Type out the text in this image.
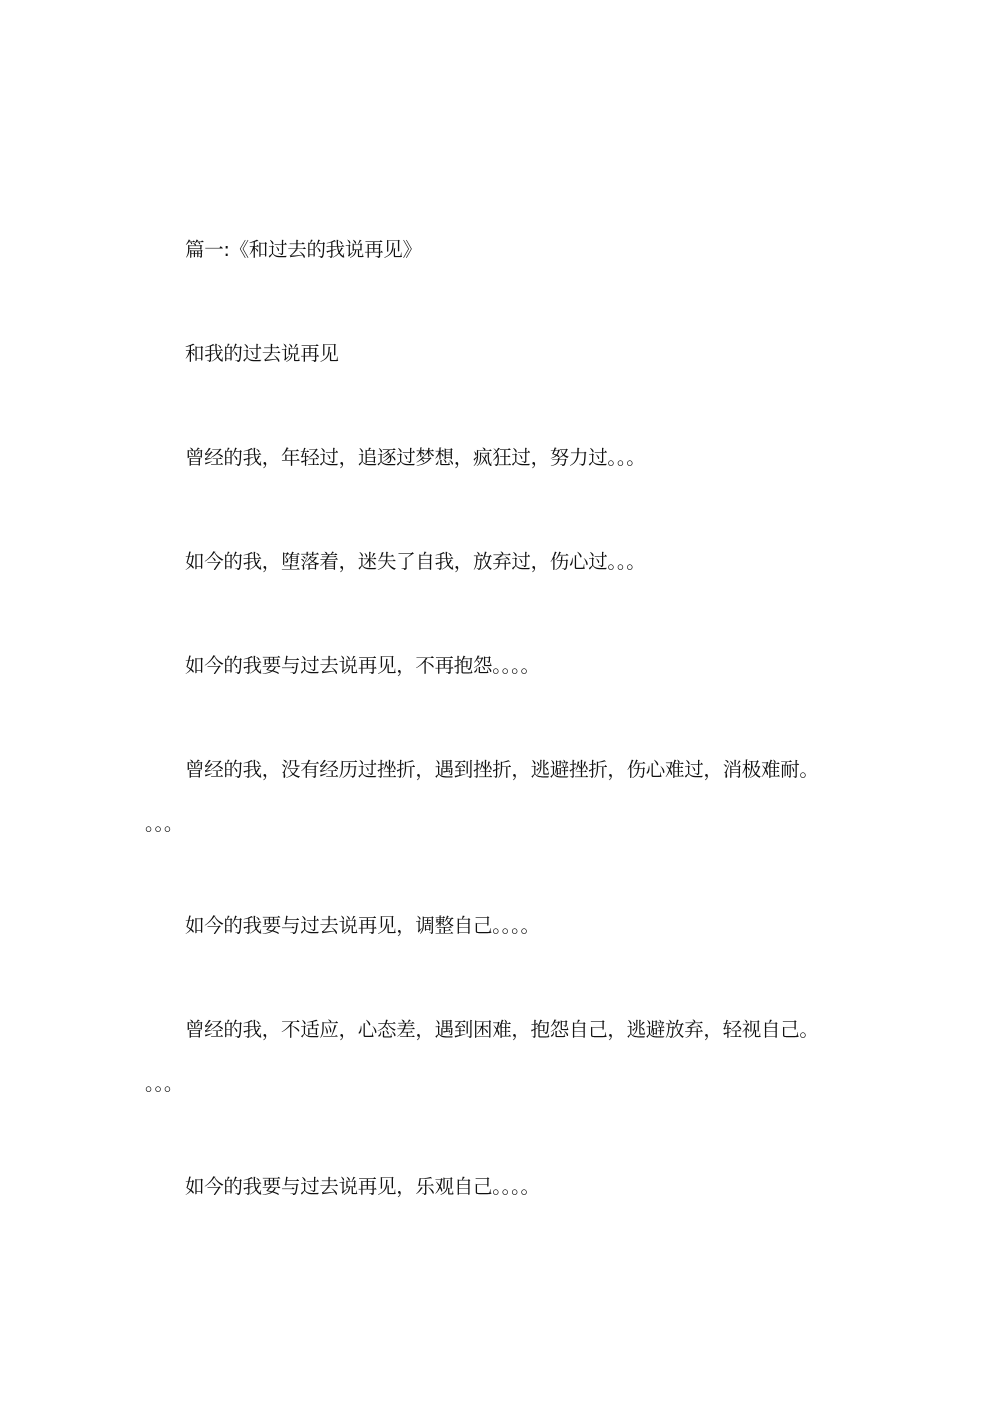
篇一:《和过去的我说再见》
和我的过去说再见
曾经的我，年轻过，追逐过梦想，疯狂过，努力过。。。
如今的我，堕落着，迷失了自我，放弃过，伤心过。。。
如今的我要与过去说再见，不再抱怨。。。。
曾经的我，没有经历过挫折，遇到挫折，逃避挫折，伤心难过，消极难耐。
。。。
如今的我要与过去说再见，调整自己。。。。
曾经的我，不适应，心态差，遇到困难，抱怨自己，逃避放弃，轻视自己。
。。。
如今的我要与过去说再见，乐观自己。。。。
